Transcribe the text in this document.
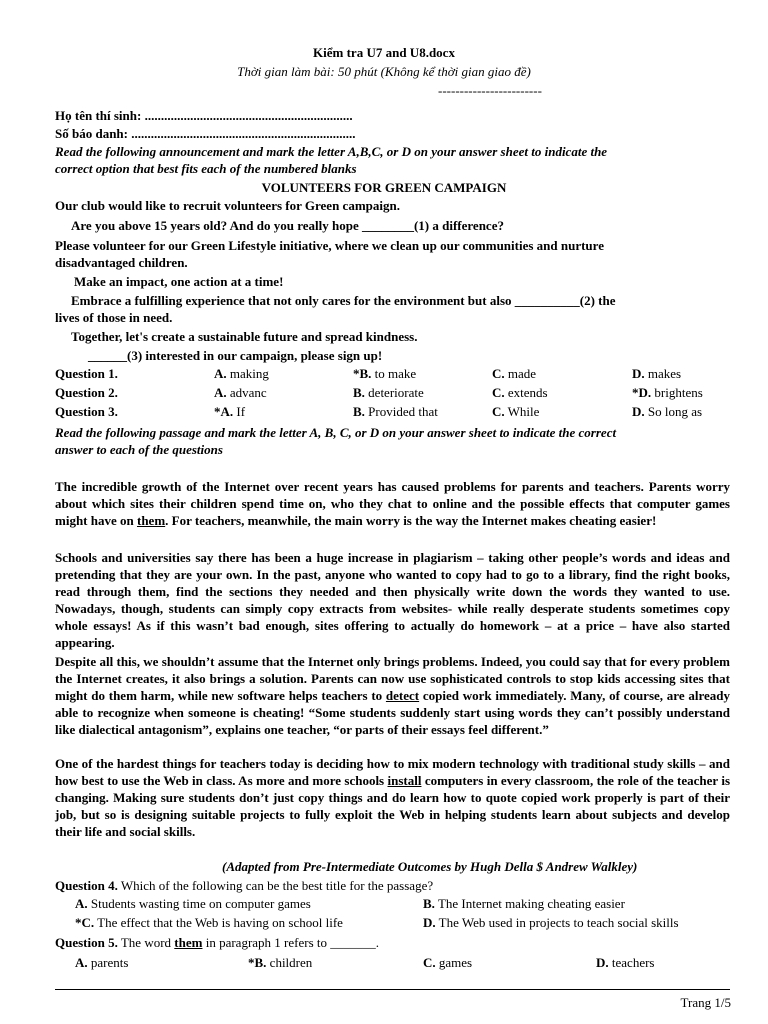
Kiểm tra U7 and U8.docx
Thời gian làm bài: 50 phút (Không kể thời gian giao đề)
------------------------
Họ tên thí sinh: ................................................................
Số báo danh: .....................................................................
Read the following announcement and mark the letter A,B,C, or D on your answer sheet to indicate the
correct option that best fits each of the numbered blanks
VOLUNTEERS FOR GREEN CAMPAIGN
Our club would like to recruit volunteers for Green campaign.
Are you above 15 years old? And do you really hope ________(1) a difference?
Please volunteer for our Green Lifestyle initiative, where we clean up our communities and nurture
disadvantaged children.
Make an impact, one action at a time!
Embrace a fulfilling experience that not only cares for the environment but also __________(2) the
lives of those in need.
Together, let's create a sustainable future and spread kindness.
______(3) interested in our campaign, please sign up!
Question 1.	A. making	*B. to make	C. made	D. makes
Question 2.	A. advanc	B. deteriorate	C. extends	*D. brightens
Question 3.	*A. If	B. Provided that	C. While	D. So long as
Read the following passage and mark the letter A, B, C, or D on your answer sheet to indicate the correct
answer to each of the questions
The incredible growth of the Internet over recent years has caused problems for parents and teachers. Parents worry about which sites their children spend time on, who they chat to online and the possible effects that computer games might have on them. For teachers, meanwhile, the main worry is the way the Internet makes cheating easier!
Schools and universities say there has been a huge increase in plagiarism – taking other people’s words and ideas and pretending that they are your own. In the past, anyone who wanted to copy had to go to a library, find the right books, read through them, find the sections they needed and then physically write down the words they wanted to use. Nowadays, though, students can simply copy extracts from websites- while really desperate students sometimes copy whole essays! As if this wasn’t bad enough, sites offering to actually do homework – at a price – have also started appearing.
Despite all this, we shouldn’t assume that the Internet only brings problems. Indeed, you could say that for every problem the Internet creates, it also brings a solution. Parents can now use sophisticated controls to stop kids accessing sites that might do them harm, while new software helps teachers to detect copied work immediately. Many, of course, are already able to recognize when someone is cheating! “Some students suddenly start using words they can’t possibly understand like dialectical antagonism”, explains one teacher, “or parts of their essays feel different.”
One of the hardest things for teachers today is deciding how to mix modern technology with traditional study skills – and how best to use the Web in class. As more and more schools install computers in every classroom, the role of the teacher is changing. Making sure students don’t just copy things and do learn how to quote copied work properly is part of their job, but so is designing suitable projects to fully exploit the Web in helping students learn about subjects and develop their life and social skills.
(Adapted from Pre-Intermediate Outcomes by Hugh Della $ Andrew Walkley)
Question 4. Which of the following can be the best title for the passage?
A. Students wasting time on computer games	B. The Internet making cheating easier
*C. The effect that the Web is having on school life	D. The Web used in projects to teach social skills
Question 5. The word them in paragraph 1 refers to _______.
A. parents	*B. children	C. games	D. teachers
Trang 1/5
